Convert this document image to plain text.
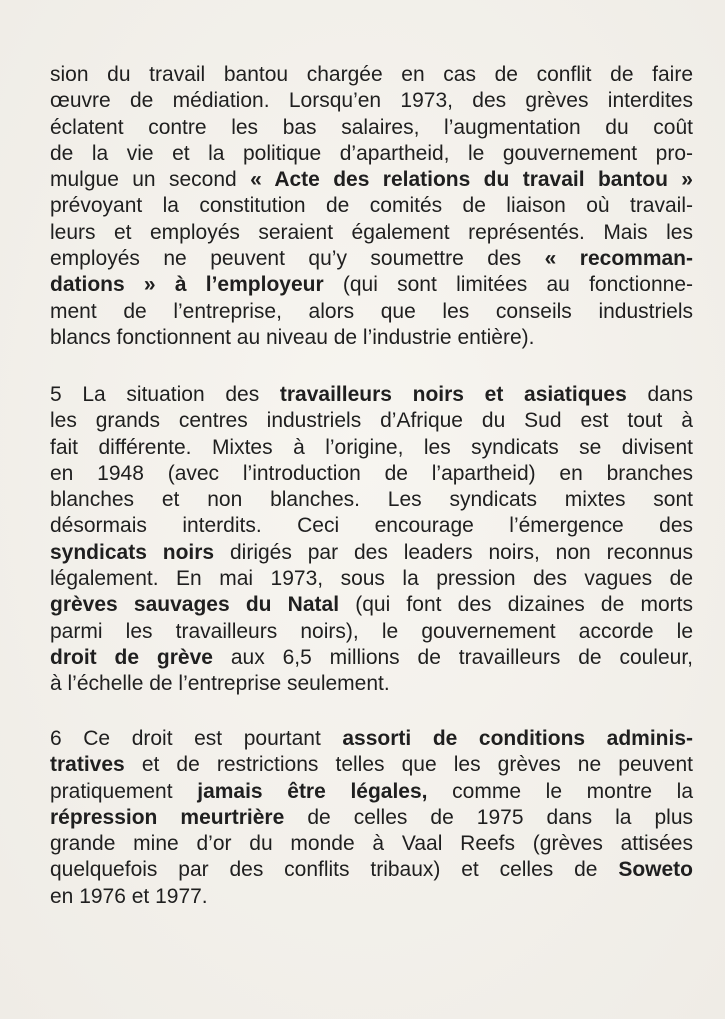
sion du travail bantou chargée en cas de conflit de faire
œuvre de médiation. Lorsqu’en 1973, des grèves interdites
éclatent contre les bas salaires, l’augmentation du coût
de la vie et la politique d’apartheid, le gouvernement pro-
mulgue un second « Acte des relations du travail bantou »
prévoyant la constitution de comités de liaison où travail-
leurs et employés seraient également représentés. Mais les
employés ne peuvent qu’y soumettre des « recomman-
dations » à l’employeur (qui sont limitées au fonctionne-
ment de l’entreprise, alors que les conseils industriels
blancs fonctionnent au niveau de l’industrie entière).
5 La situation des travailleurs noirs et asiatiques dans
les grands centres industriels d’Afrique du Sud est tout à
fait différente. Mixtes à l’origine, les syndicats se divisent
en 1948 (avec l’introduction de l’apartheid) en branches
blanches et non blanches. Les syndicats mixtes sont
désormais interdits. Ceci encourage l’émergence des
syndicats noirs dirigés par des leaders noirs, non reconnus
légalement. En mai 1973, sous la pression des vagues de
grèves sauvages du Natal (qui font des dizaines de morts
parmi les travailleurs noirs), le gouvernement accorde le
droit de grève aux 6,5 millions de travailleurs de couleur,
à l’échelle de l’entreprise seulement.
6 Ce droit est pourtant assorti de conditions adminis-
tratives et de restrictions telles que les grèves ne peuvent
pratiquement jamais être légales, comme le montre la
répression meurtrière de celles de 1975 dans la plus
grande mine d’or du monde à Vaal Reefs (grèves attisées
quelquefois par des conflits tribaux) et celles de Soweto
en 1976 et 1977.
